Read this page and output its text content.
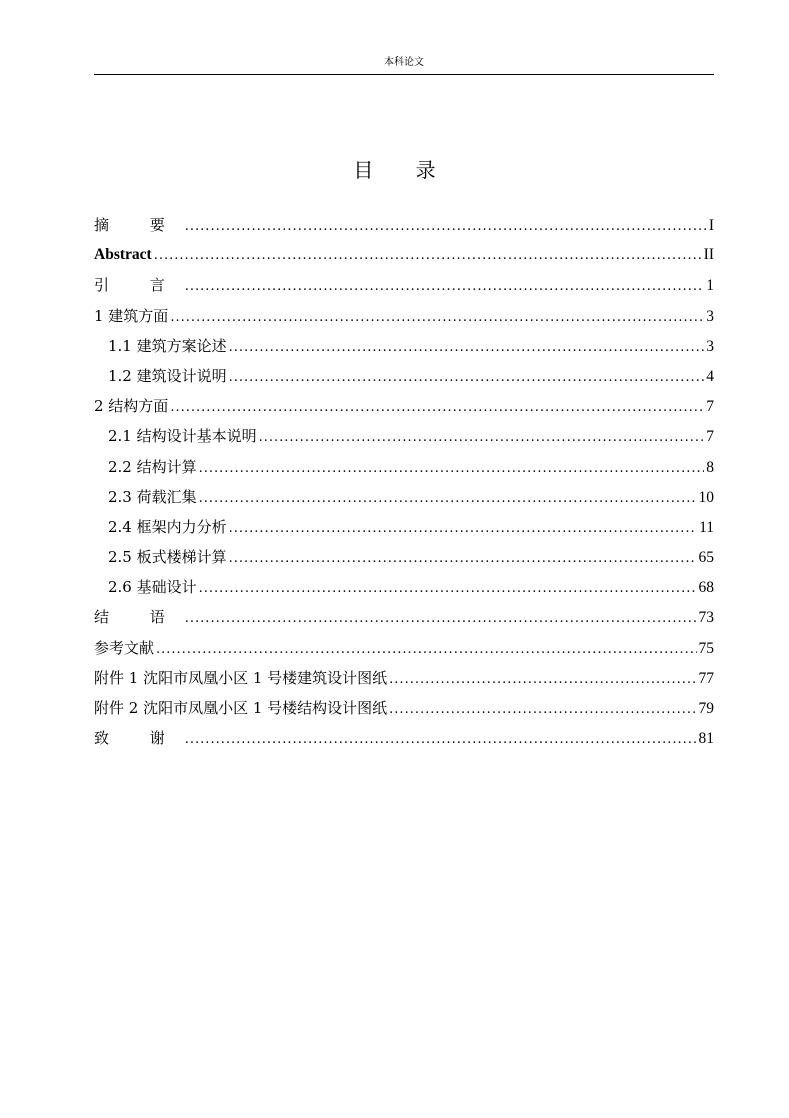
本科论文
目 录
摘 要 .....	I
Abstract .....	II
引 言 .....	1
1 建筑方面 .....	3
1.1 建筑方案论述 .....	3
1.2 建筑设计说明 .....	4
2 结构方面 .....	7
2.1 结构设计基本说明 .....	7
2.2 结构计算 .....	8
2.3 荷载汇集 .....	10
2.4 框架内力分析 .....	11
2.5 板式楼梯计算 .....	65
2.6 基础设计 .....	68
结 语 .....	73
参考文献 .....	75
附件 1 沈阳市凤凰小区 1 号楼建筑设计图纸 .....	77
附件 2 沈阳市凤凰小区 1 号楼结构设计图纸 .....	79
致 谢 .....	81
